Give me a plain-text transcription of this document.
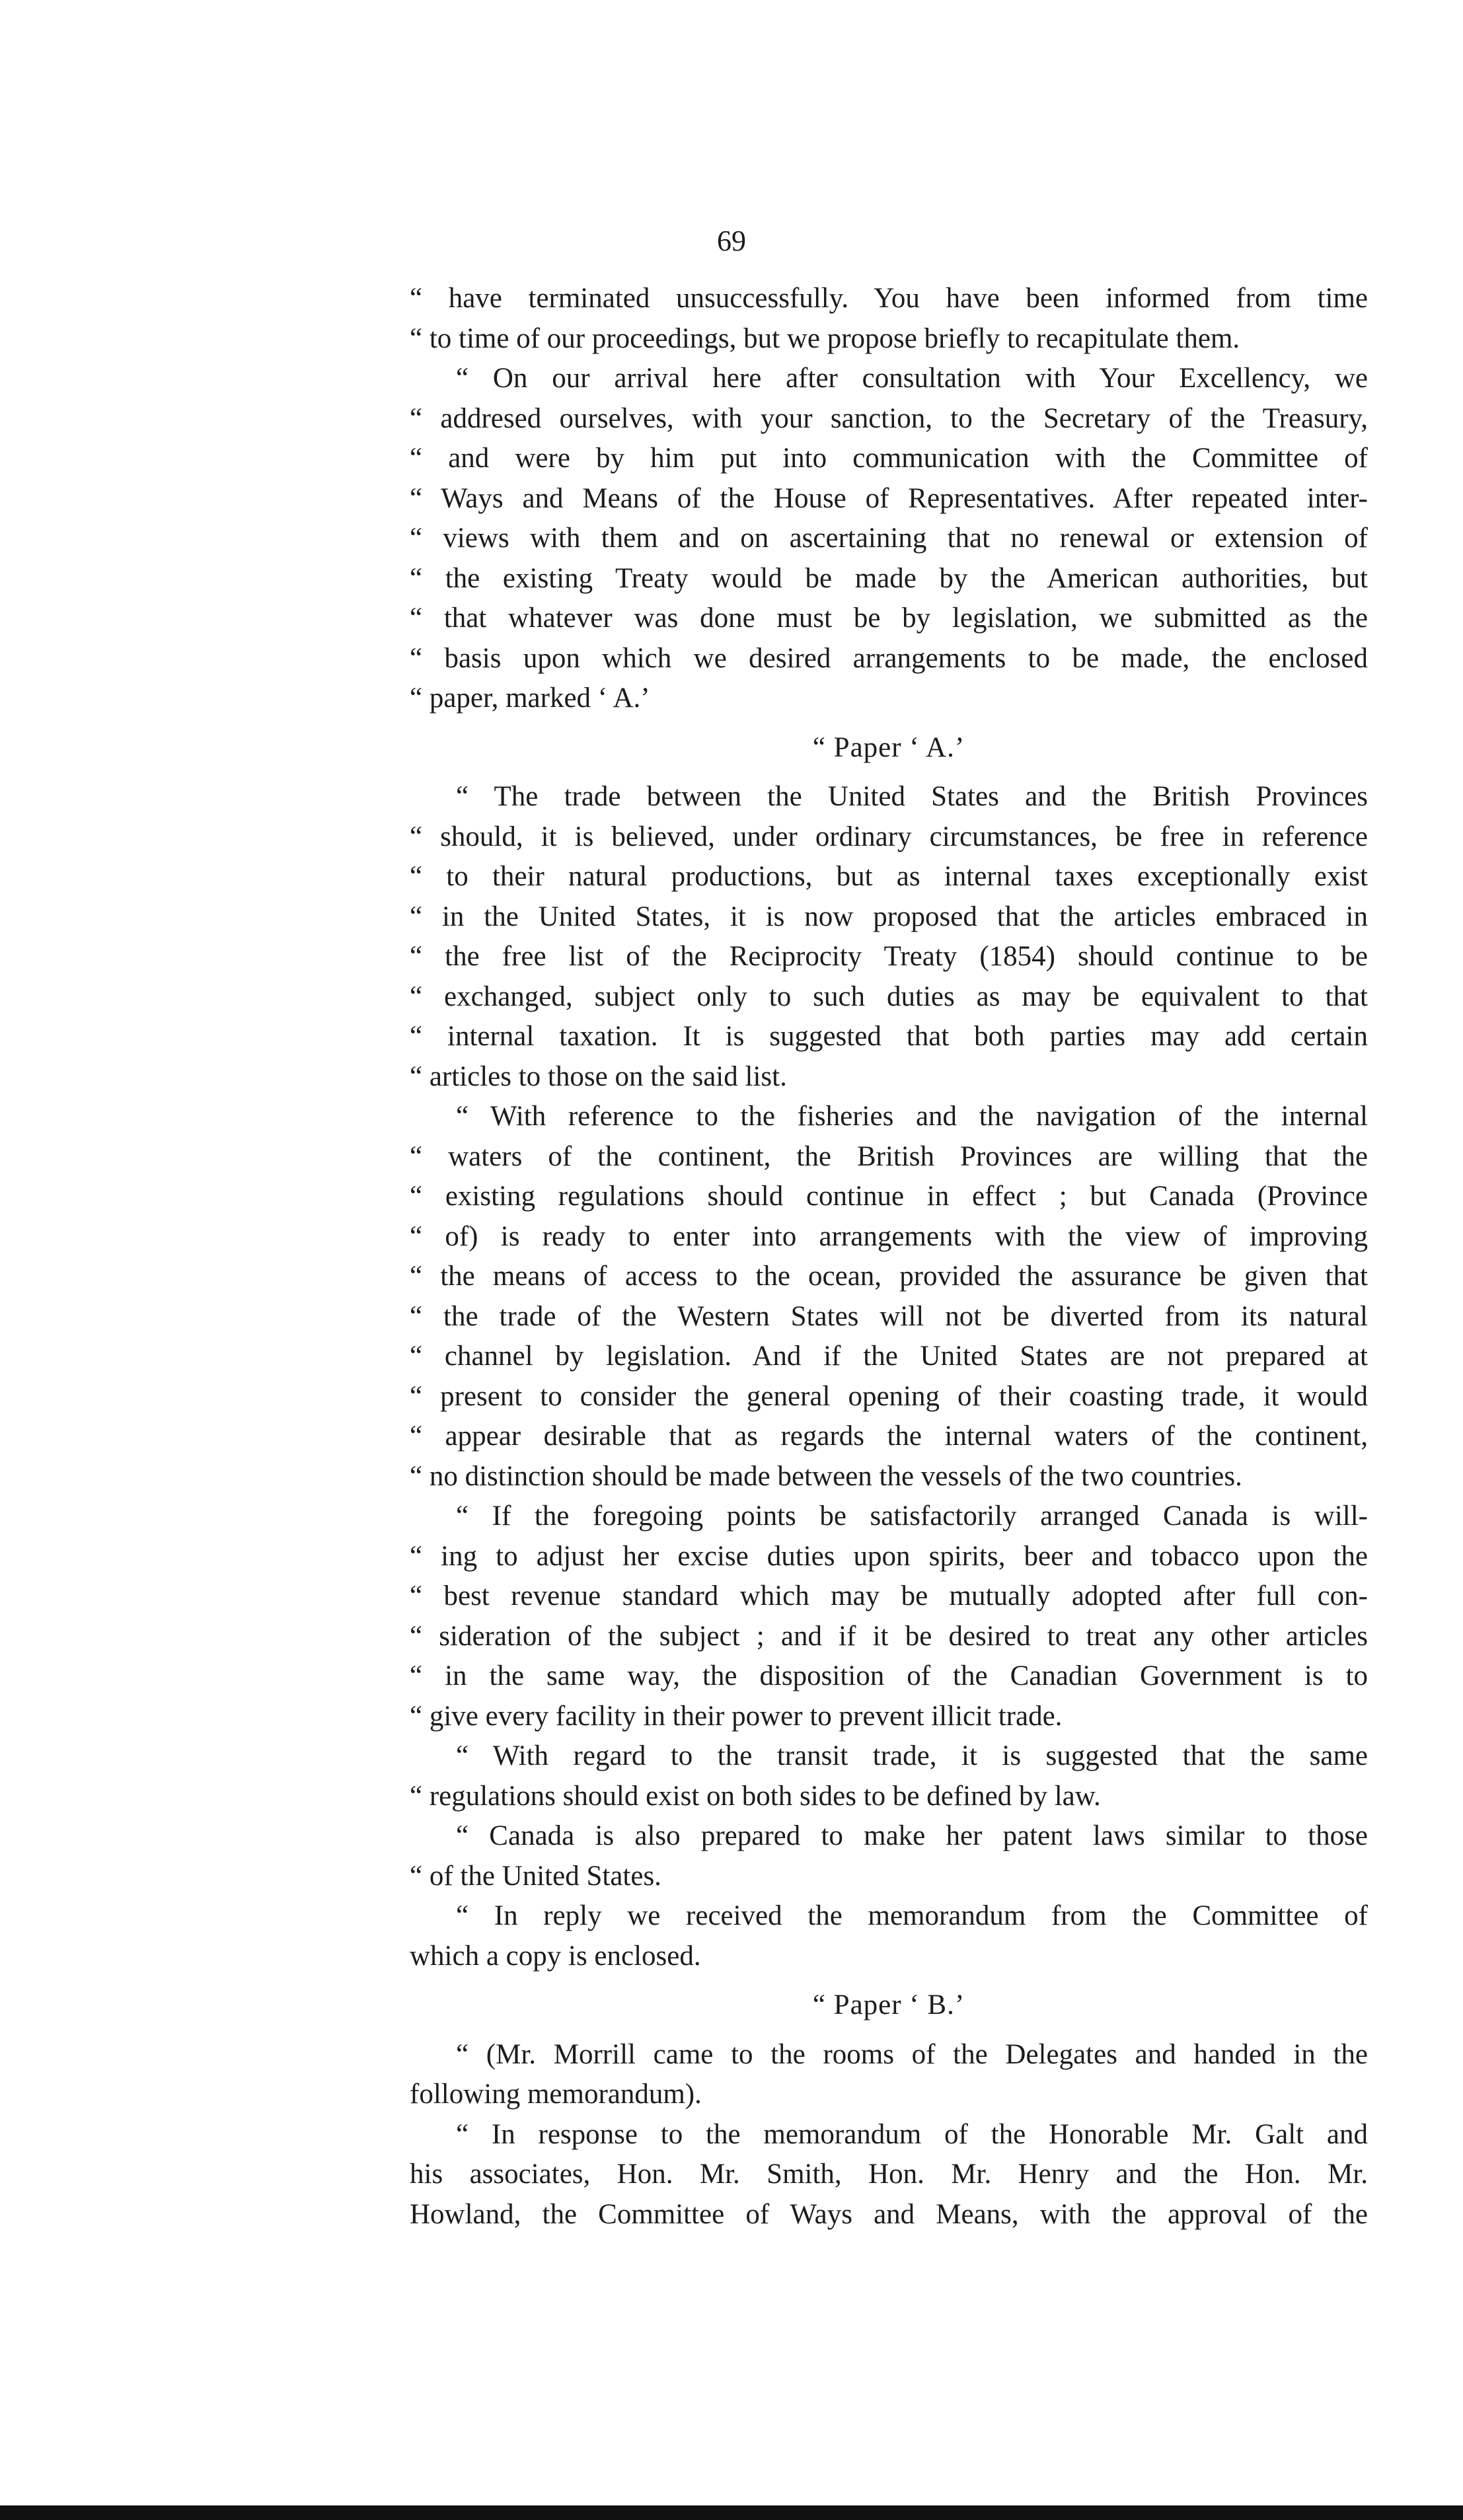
69
“ have terminated unsuccessfully. You have been informed from time
“ to time of our proceedings, but we propose briefly to recapitulate them.
“ On our arrival here after consultation with Your Excellency, we
“ addresed ourselves, with your sanction, to the Secretary of the Treasury,
“ and were by him put into communication with the Committee of
“ Ways and Means of the House of Representatives. After repeated inter-
“ views with them and on ascertaining that no renewal or extension of
“ the existing Treaty would be made by the American authorities, but
“ that whatever was done must be by legislation, we submitted as the
“ basis upon which we desired arrangements to be made, the enclosed
“ paper, marked ‘ A.’
“ Paper ‘ A.’
“ The trade between the United States and the British Provinces
“ should, it is believed, under ordinary circumstances, be free in reference
“ to their natural productions, but as internal taxes exceptionally exist
“ in the United States, it is now proposed that the articles embraced in
“ the free list of the Reciprocity Treaty (1854) should continue to be
“ exchanged, subject only to such duties as may be equivalent to that
“ internal taxation. It is suggested that both parties may add certain
“ articles to those on the said list.
“ With reference to the fisheries and the navigation of the internal
“ waters of the continent, the British Provinces are willing that the
“ existing regulations should continue in effect ; but Canada (Province
“ of) is ready to enter into arrangements with the view of improving
“ the means of access to the ocean, provided the assurance be given that
“ the trade of the Western States will not be diverted from its natural
“ channel by legislation. And if the United States are not prepared at
“ present to consider the general opening of their coasting trade, it would
“ appear desirable that as regards the internal waters of the continent,
“ no distinction should be made between the vessels of the two countries.
“ If the foregoing points be satisfactorily arranged Canada is will-
“ ing to adjust her excise duties upon spirits, beer and tobacco upon the
“ best revenue standard which may be mutually adopted after full con-
“ sideration of the subject ; and if it be desired to treat any other articles
“ in the same way, the disposition of the Canadian Government is to
“ give every facility in their power to prevent illicit trade.
“ With regard to the transit trade, it is suggested that the same
“ regulations should exist on both sides to be defined by law.
“ Canada is also prepared to make her patent laws similar to those
“ of the United States.
“ In reply we received the memorandum from the Committee of
which a copy is enclosed.
“ Paper ‘ B.’
“ (Mr. Morrill came to the rooms of the Delegates and handed in the
following memorandum).
“ In response to the memorandum of the Honorable Mr. Galt and
his associates, Hon. Mr. Smith, Hon. Mr. Henry and the Hon. Mr.
Howland, the Committee of Ways and Means, with the approval of the
